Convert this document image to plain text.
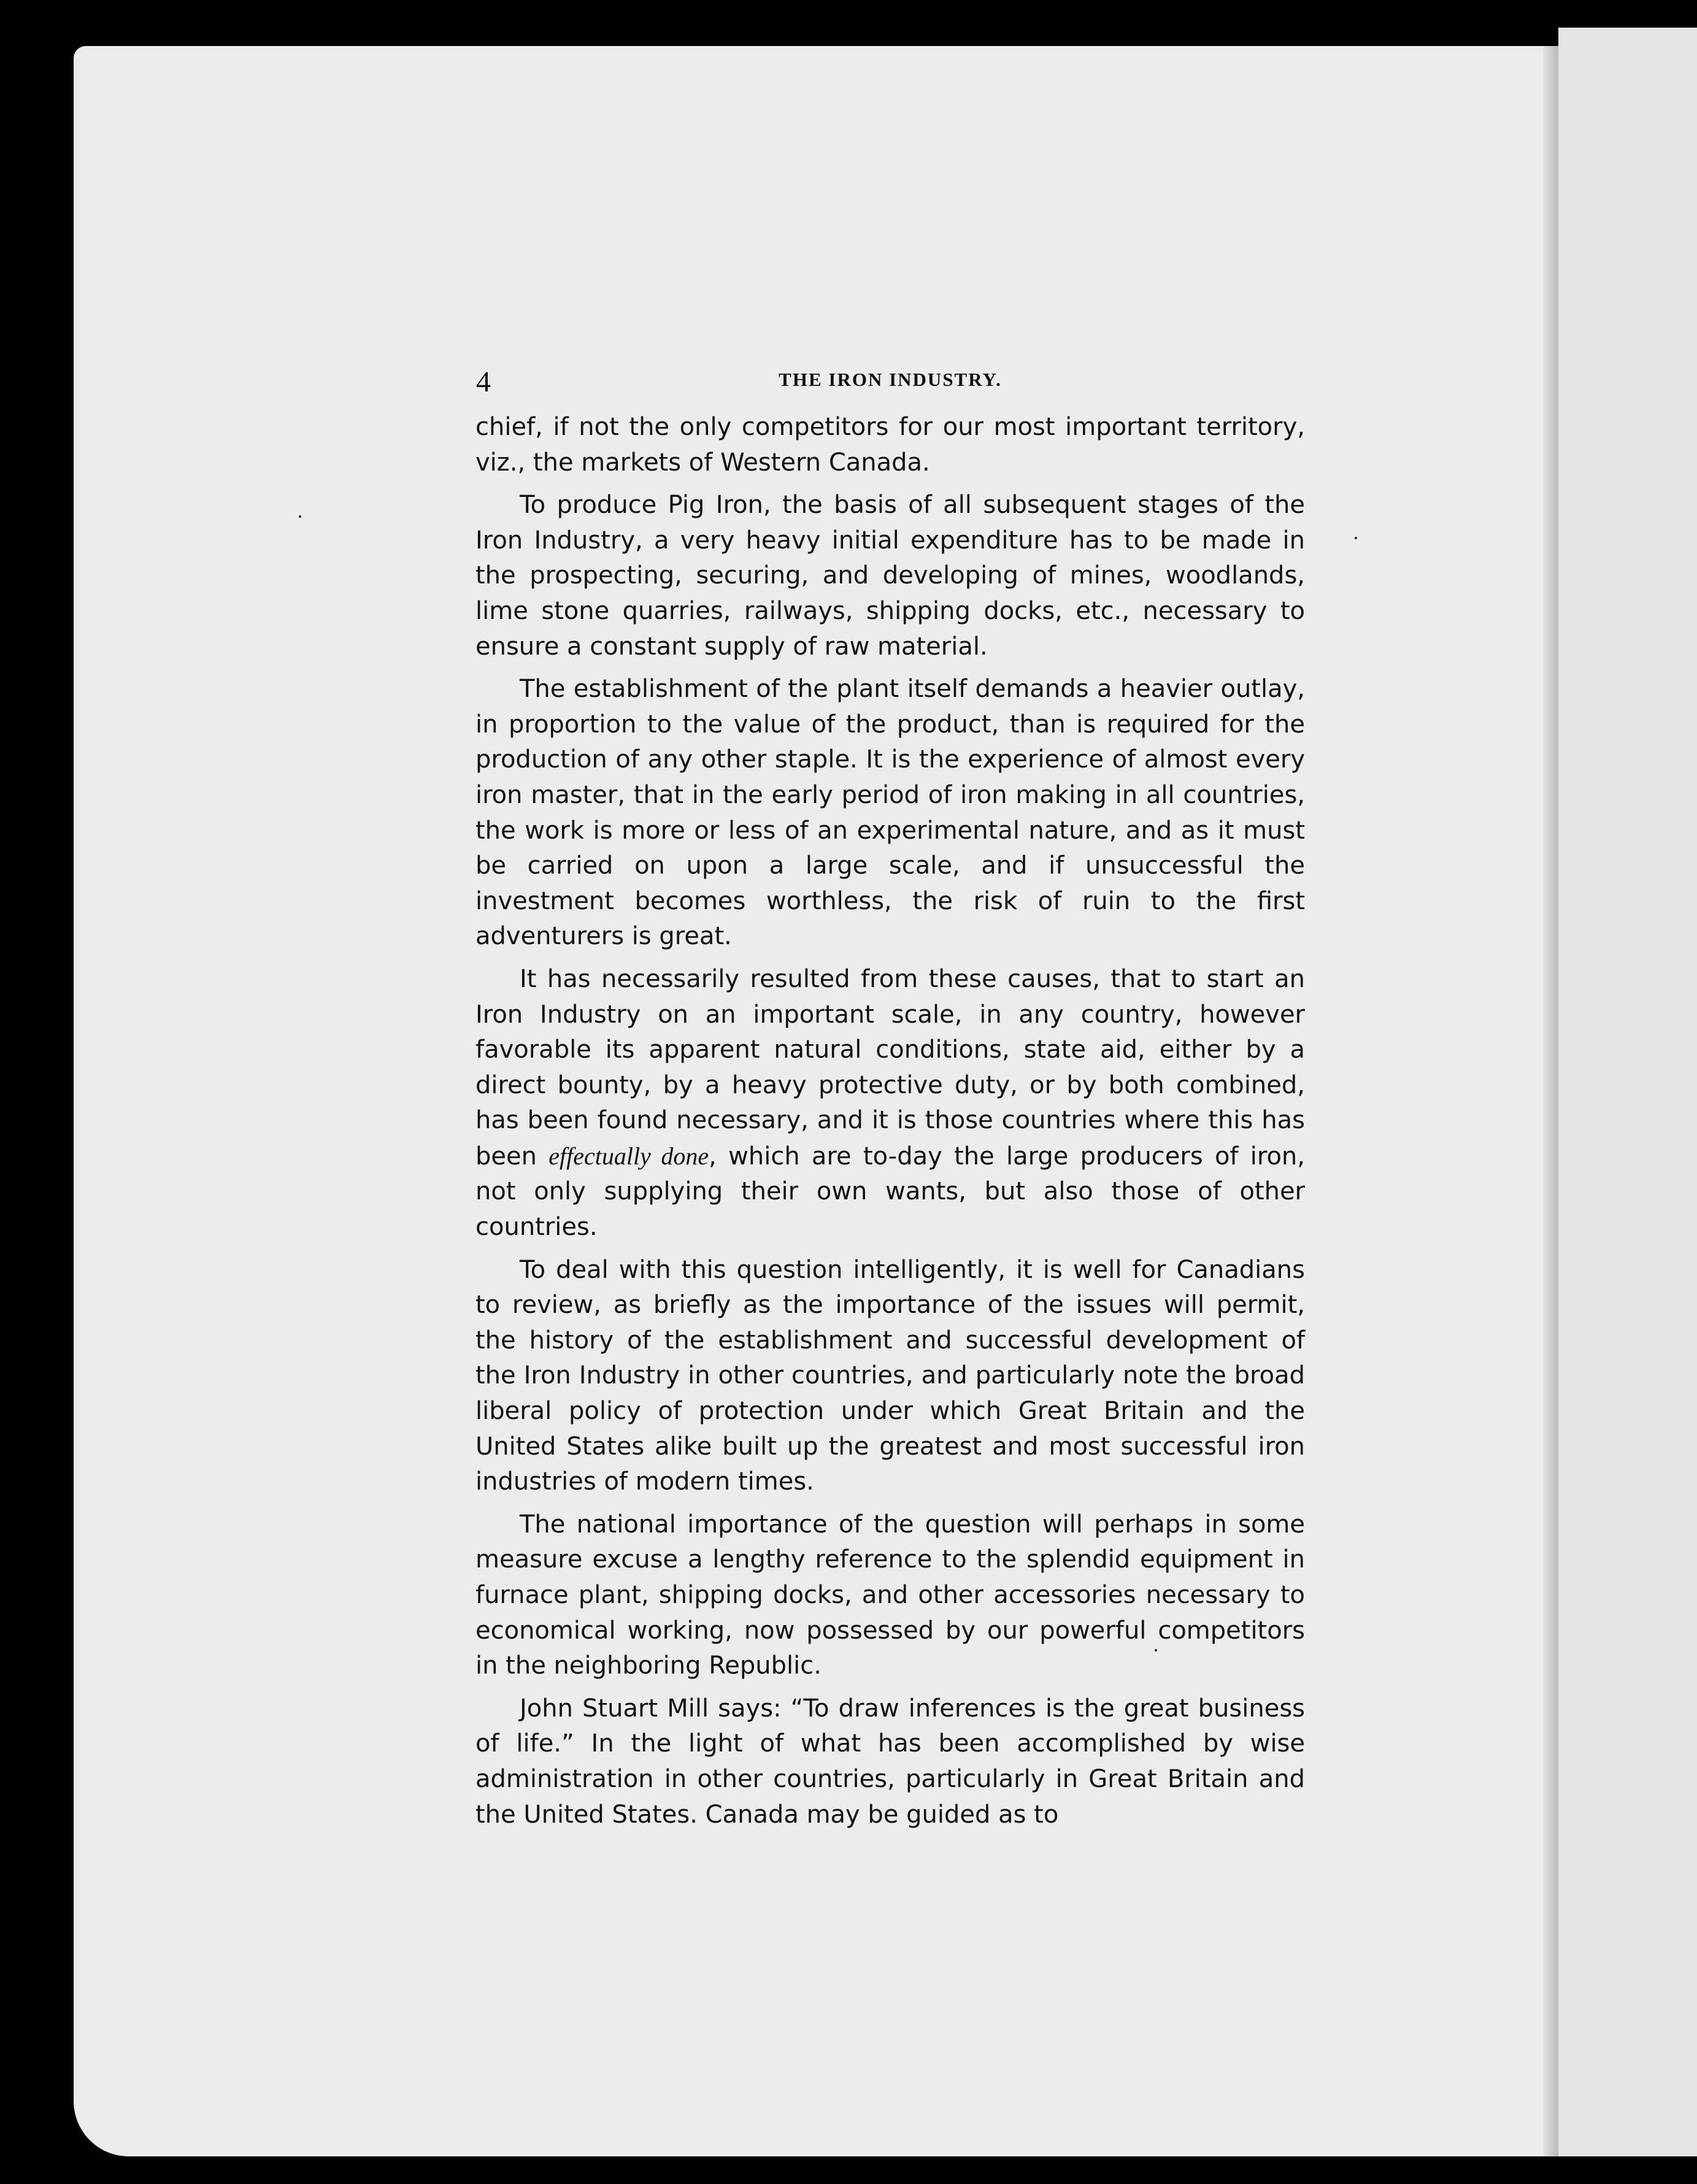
4	THE IRON INDUSTRY.

chief, if not the only competitors for our most important territory, viz., the markets of Western Canada.

To produce Pig Iron, the basis of all subsequent stages of the Iron Industry, a very heavy initial expenditure has to be made in the prospecting, securing, and developing of mines, woodlands, lime stone quarries, railways, shipping docks, etc., necessary to ensure a constant supply of raw material.

The establishment of the plant itself demands a heavier outlay, in proportion to the value of the product, than is required for the production of any other staple. It is the experience of almost every iron master, that in the early period of iron making in all countries, the work is more or less of an experimental nature, and as it must be carried on upon a large scale, and if unsuccessful the investment becomes worthless, the risk of ruin to the first adventurers is great.

It has necessarily resulted from these causes, that to start an Iron Industry on an important scale, in any country, however favorable its apparent natural conditions, state aid, either by a direct bounty, by a heavy protective duty, or by both combined, has been found necessary, and it is those countries where this has been effectually done, which are to-day the large producers of iron, not only supplying their own wants, but also those of other countries.

To deal with this question intelligently, it is well for Canadians to review, as briefly as the importance of the issues will permit, the history of the establishment and successful development of the Iron Industry in other countries, and particularly note the broad liberal policy of protection under which Great Britain and the United States alike built up the greatest and most successful iron industries of modern times.

The national importance of the question will perhaps in some measure excuse a lengthy reference to the splendid equipment in furnace plant, shipping docks, and other accessories necessary to economical working, now possessed by our powerful competitors in the neighboring Republic.

John Stuart Mill says: “To draw inferences is the great business of life.” In the light of what has been accomplished by wise administration in other countries, particularly in Great Britain and the United States. Canada may be guided as to
